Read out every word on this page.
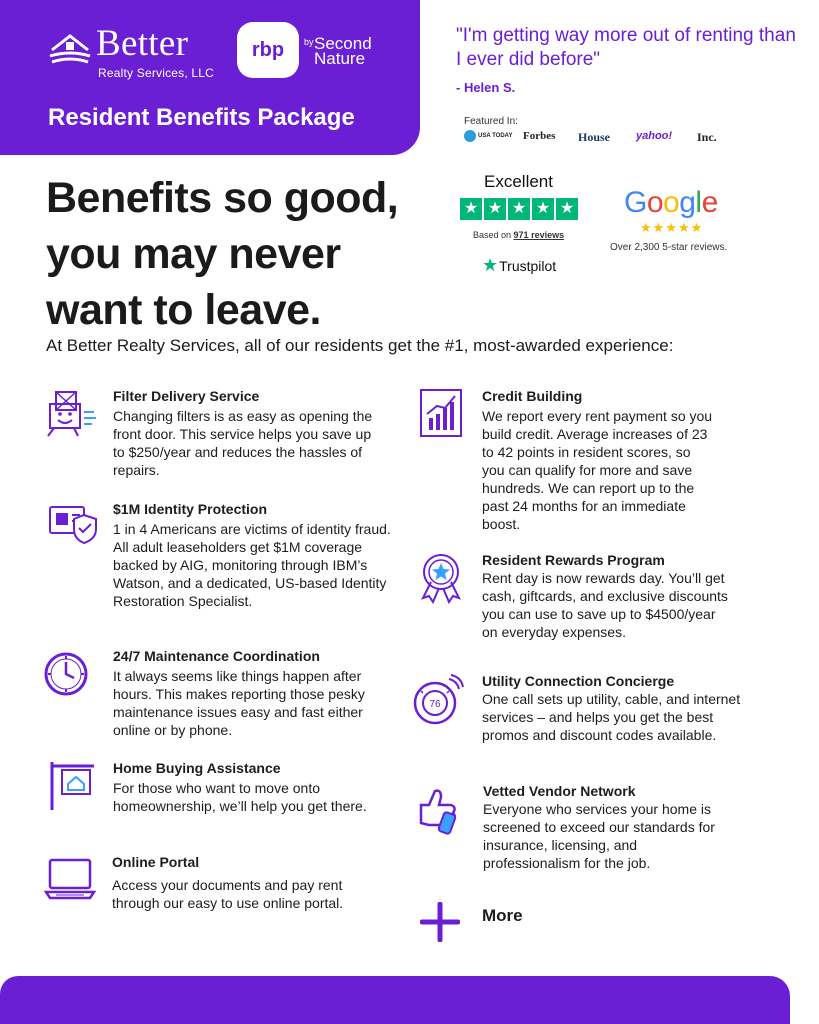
Better
Realty Services, LLC
rbp	by Second Nature
Resident Benefits Package
"I'm getting way more out of renting than I ever did before"
- Helen S.
Featured In:
USA TODAY Forbes House yahoo! Inc.
Benefits so good, you may never want to leave.
Excellent
★ ★ ★ ★ ★
Based on 971 reviews
★Trustpilot
Google
★★★★★
Over 2,300 5-star reviews.
At Better Realty Services, all of our residents get the #1, most-awarded experience:
Filter Delivery Service
Changing filters is as easy as opening the front door. This service helps you save up to $250/year and reduces the hassles of repairs.
$1M Identity Protection
1 in 4 Americans are victims of identity fraud. All adult leaseholders get $1M coverage backed by AIG, monitoring through IBM’s Watson, and a dedicated, US-based Identity Restoration Specialist.
24/7 Maintenance Coordination
It always seems like things happen after hours. This makes reporting those pesky maintenance issues easy and fast either online or by phone.
Home Buying Assistance
For those who want to move onto homeownership, we’ll help you get there.
Online Portal
Access your documents and pay rent through our easy to use online portal.
Credit Building
We report every rent payment so you build credit. Average increases of 23 to 42 points in resident scores, so you can qualify for more and save hundreds. We can report up to the past 24 months for an immediate boost.
Resident Rewards Program
Rent day is now rewards day. You’ll get cash, giftcards, and exclusive discounts you can use to save up to $4500/year on everyday expenses.
76
Utility Connection Concierge
One call sets up utility, cable, and internet services – and helps you get the best promos and discount codes available.
Vetted Vendor Network
Everyone who services your home is screened to exceed our standards for insurance, licensing, and professionalism for the job.
More
